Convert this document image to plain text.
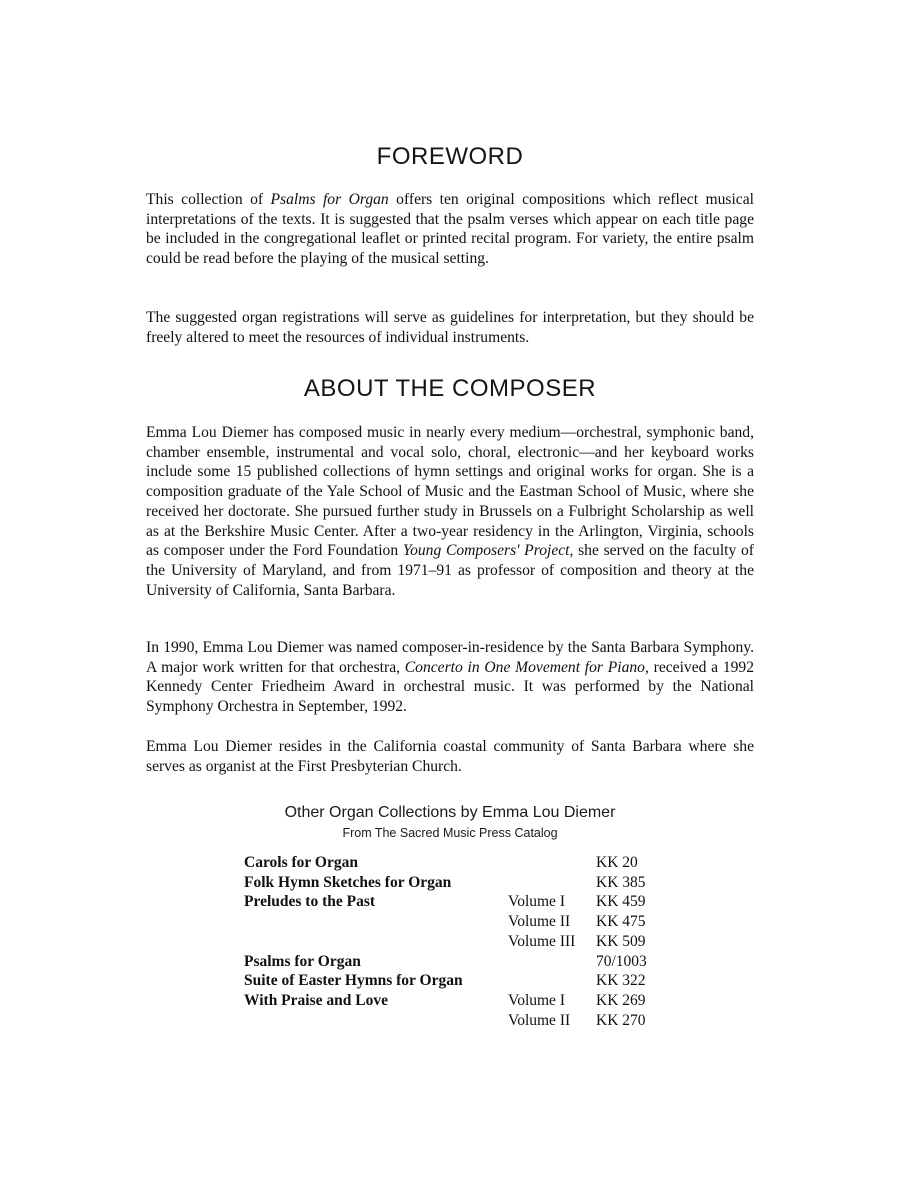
FOREWORD

This collection of Psalms for Organ offers ten original compositions which reflect musical interpretations of the texts. It is suggested that the psalm verses which appear on each title page be included in the congregational leaflet or printed recital program. For variety, the entire psalm could be read before the playing of the musical setting.

The suggested organ registrations will serve as guidelines for interpretation, but they should be freely altered to meet the resources of individual instruments.

ABOUT THE COMPOSER

Emma Lou Diemer has composed music in nearly every medium—orchestral, symphonic band, chamber ensemble, instrumental and vocal solo, choral, electronic—and her keyboard works include some 15 published collections of hymn settings and original works for organ. She is a composition graduate of the Yale School of Music and the Eastman School of Music, where she received her doctorate. She pursued further study in Brussels on a Fulbright Scholarship as well as at the Berkshire Music Center. After a two-year residency in the Arlington, Virginia, schools as composer under the Ford Foundation Young Composers' Project, she served on the faculty of the University of Maryland, and from 1971–91 as professor of composition and theory at the University of California, Santa Barbara.

In 1990, Emma Lou Diemer was named composer-in-residence by the Santa Barbara Symphony. A major work written for that orchestra, Concerto in One Movement for Piano, received a 1992 Kennedy Center Friedheim Award in orchestral music. It was performed by the National Symphony Orchestra in September, 1992.

Emma Lou Diemer resides in the California coastal community of Santa Barbara where she serves as organist at the First Presbyterian Church.

Other Organ Collections by Emma Lou Diemer

From The Sacred Music Press Catalog

Carols for Organ		KK 20
Folk Hymn Sketches for Organ		KK 385
Preludes to the Past	Volume I	KK 459
	Volume II	KK 475
	Volume III	KK 509
Psalms for Organ		70/1003
Suite of Easter Hymns for Organ		KK 322
With Praise and Love	Volume I	KK 269
	Volume II	KK 270
